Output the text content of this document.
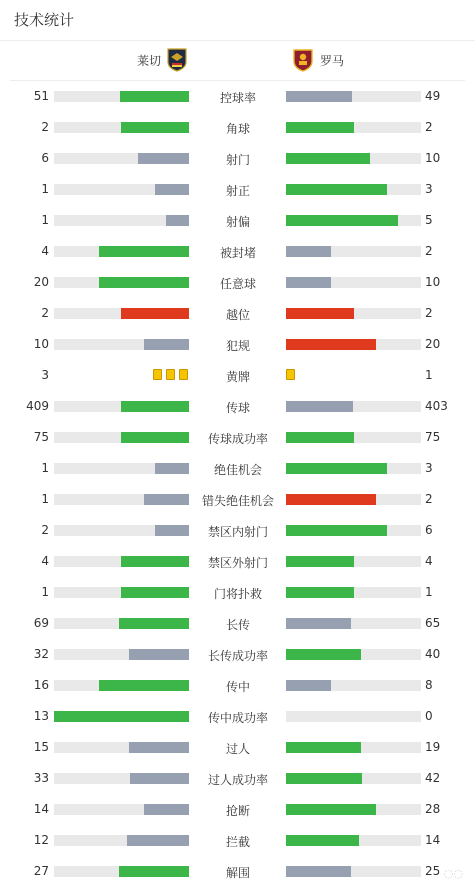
技术统计
莱切	罗马
51	控球率	49
2	角球	2
6	射门	10
1	射正	3
1	射偏	5
4	被封堵	2
20	任意球	10
2	越位	2
10	犯规	20
3	黄牌	1
409	传球	403
75	传球成功率	75
1	绝佳机会	3
1	错失绝佳机会	2
2	禁区内射门	6
4	禁区外射门	4
1	门将扑救	1
69	长传	65
32	长传成功率	40
16	传中	8
13	传中成功率	0
15	过人	19
33	过人成功率	42
14	抢断	28
12	拦截	14
27	解围	25 ◌◌
